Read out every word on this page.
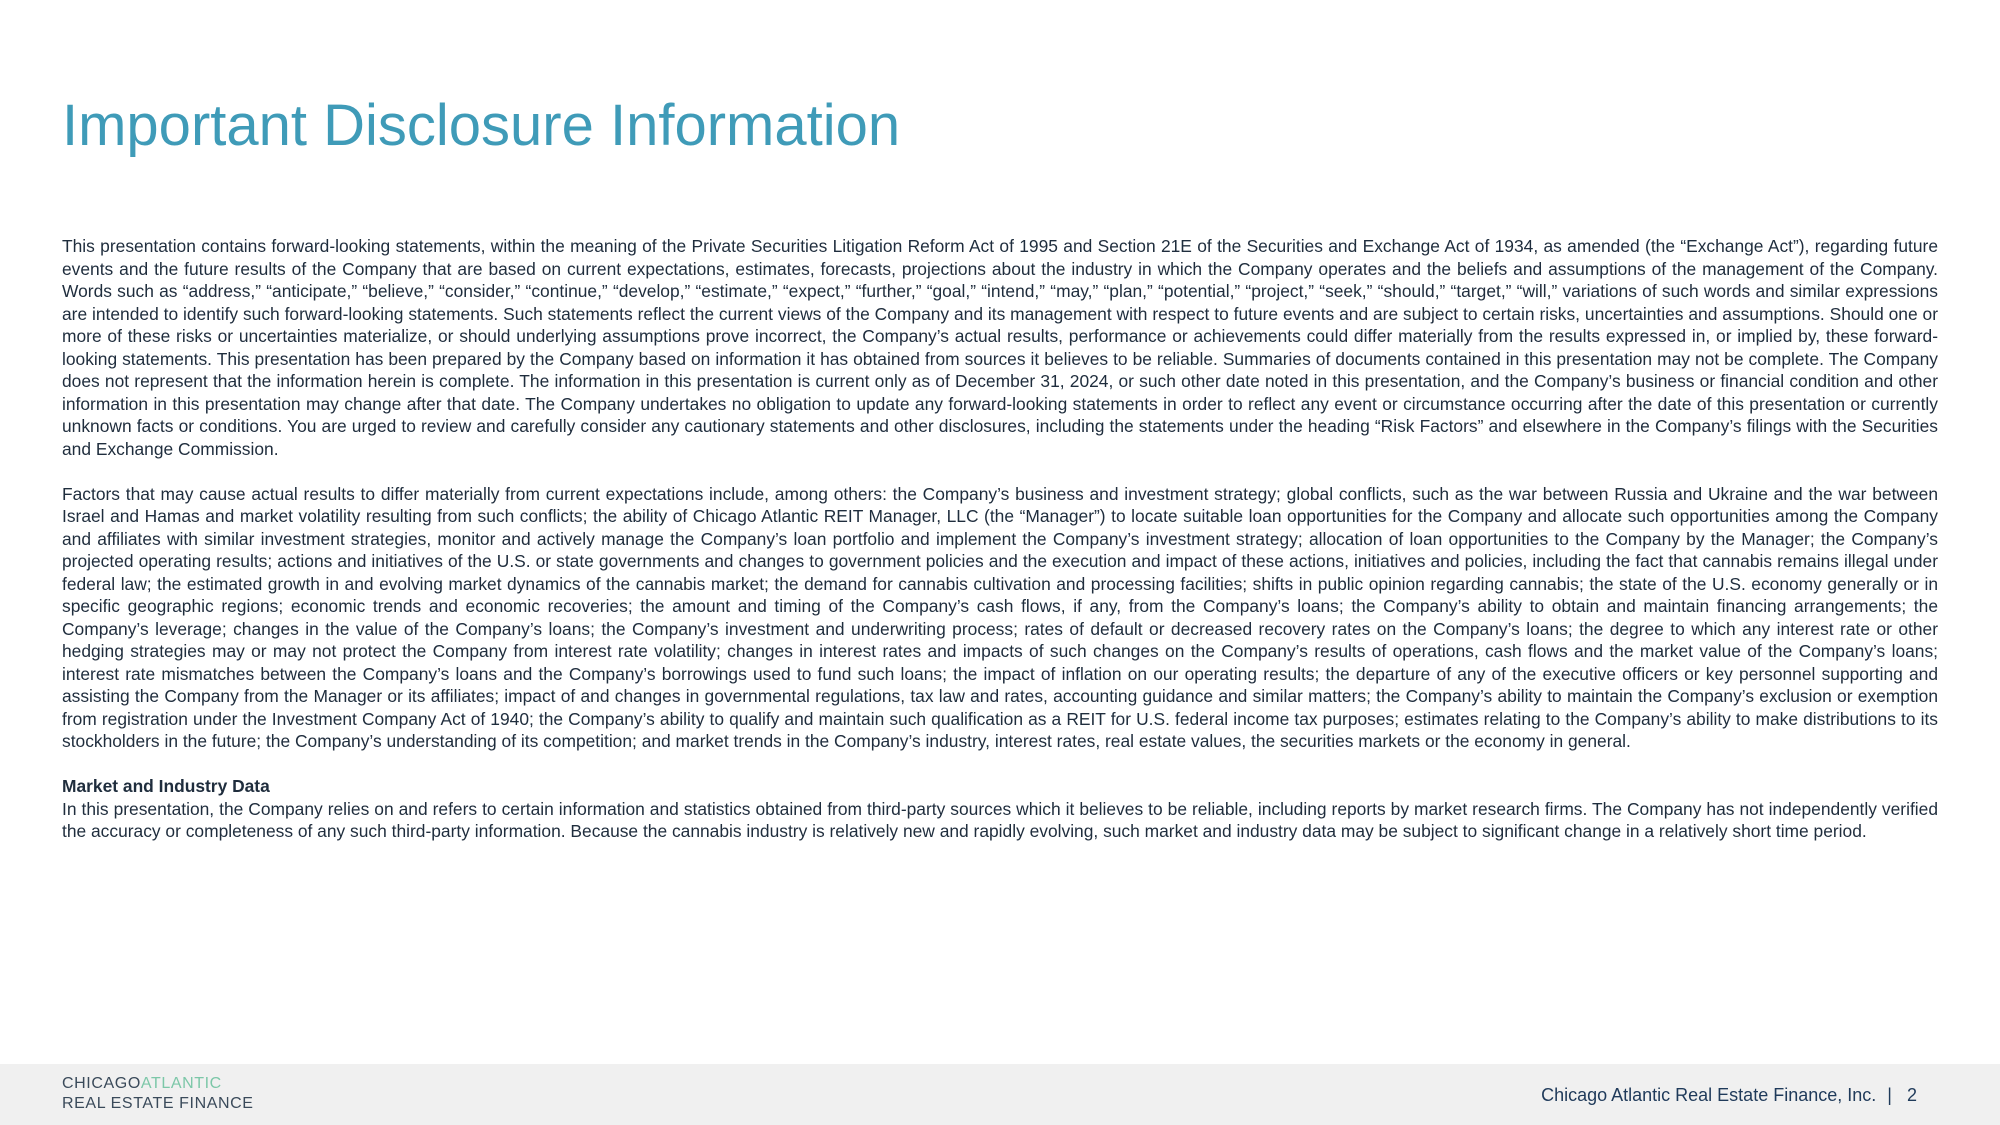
Important Disclosure Information

This presentation contains forward-looking statements, within the meaning of the Private Securities Litigation Reform Act of 1995 and Section 21E of the Securities and Exchange Act of 1934, as amended (the “Exchange Act”), regarding future events and the future results of the Company that are based on current expectations, estimates, forecasts, projections about the industry in which the Company operates and the beliefs and assumptions of the management of the Company. Words such as “address,” “anticipate,” “believe,” “consider,” “continue,” “develop,” “estimate,” “expect,” “further,” “goal,” “intend,” “may,” “plan,” “potential,” “project,” “seek,” “should,” “target,” “will,” variations of such words and similar expressions are intended to identify such forward-looking statements. Such statements reflect the current views of the Company and its management with respect to future events and are subject to certain risks, uncertainties and assumptions. Should one or more of these risks or uncertainties materialize, or should underlying assumptions prove incorrect, the Company’s actual results, performance or achievements could differ materially from the results expressed in, or implied by, these forward-looking statements. This presentation has been prepared by the Company based on information it has obtained from sources it believes to be reliable. Summaries of documents contained in this presentation may not be complete. The Company does not represent that the information herein is complete. The information in this presentation is current only as of December 31, 2024, or such other date noted in this presentation, and the Company’s business or financial condition and other information in this presentation may change after that date. The Company undertakes no obligation to update any forward-looking statements in order to reflect any event or circumstance occurring after the date of this presentation or currently unknown facts or conditions. You are urged to review and carefully consider any cautionary statements and other disclosures, including the statements under the heading “Risk Factors” and elsewhere in the Company’s filings with the Securities and Exchange Commission.

Factors that may cause actual results to differ materially from current expectations include, among others: the Company’s business and investment strategy; global conflicts, such as the war between Russia and Ukraine and the war between Israel and Hamas and market volatility resulting from such conflicts; the ability of Chicago Atlantic REIT Manager, LLC (the “Manager”) to locate suitable loan opportunities for the Company and allocate such opportunities among the Company and affiliates with similar investment strategies, monitor and actively manage the Company’s loan portfolio and implement the Company’s investment strategy; allocation of loan opportunities to the Company by the Manager; the Company’s projected operating results; actions and initiatives of the U.S. or state governments and changes to government policies and the execution and impact of these actions, initiatives and policies, including the fact that cannabis remains illegal under federal law; the estimated growth in and evolving market dynamics of the cannabis market; the demand for cannabis cultivation and processing facilities; shifts in public opinion regarding cannabis; the state of the U.S. economy generally or in specific geographic regions; economic trends and economic recoveries; the amount and timing of the Company’s cash flows, if any, from the Company’s loans; the Company’s ability to obtain and maintain financing arrangements; the Company’s leverage; changes in the value of the Company’s loans; the Company’s investment and underwriting process; rates of default or decreased recovery rates on the Company’s loans; the degree to which any interest rate or other hedging strategies may or may not protect the Company from interest rate volatility; changes in interest rates and impacts of such changes on the Company’s results of operations, cash flows and the market value of the Company’s loans; interest rate mismatches between the Company’s loans and the Company’s borrowings used to fund such loans; the impact of inflation on our operating results; the departure of any of the executive officers or key personnel supporting and assisting the Company from the Manager or its affiliates; impact of and changes in governmental regulations, tax law and rates, accounting guidance and similar matters; the Company’s ability to maintain the Company’s exclusion or exemption from registration under the Investment Company Act of 1940; the Company’s ability to qualify and maintain such qualification as a REIT for U.S. federal income tax purposes; estimates relating to the Company’s ability to make distributions to its stockholders in the future; the Company’s understanding of its competition; and market trends in the Company’s industry, interest rates, real estate values, the securities markets or the economy in general.

Market and Industry Data

In this presentation, the Company relies on and refers to certain information and statistics obtained from third-party sources which it believes to be reliable, including reports by market research firms. The Company has not independently verified the accuracy or completeness of any such third-party information. Because the cannabis industry is relatively new and rapidly evolving, such market and industry data may be subject to significant change in a relatively short time period.

CHICAGOATLANTIC
REAL ESTATE FINANCE	Chicago Atlantic Real Estate Finance, Inc. | 2
